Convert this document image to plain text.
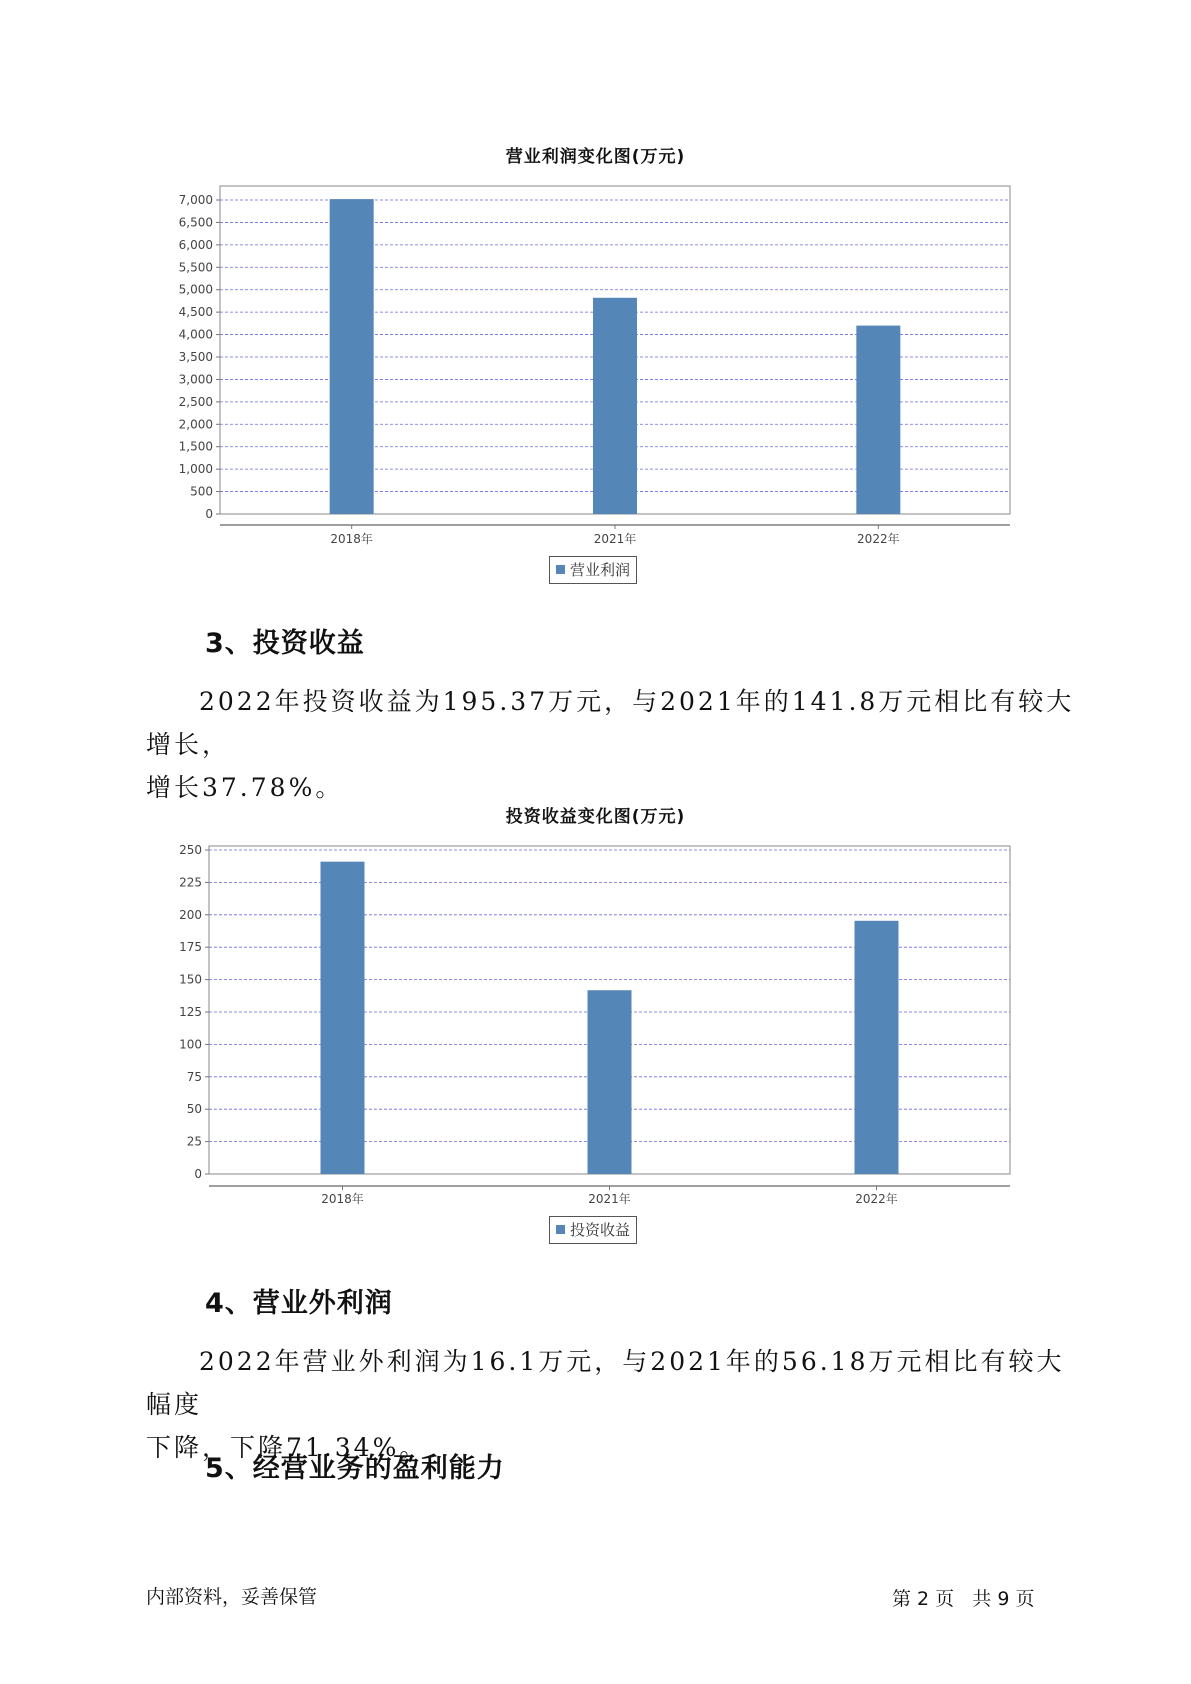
营业利润变化图(万元)
0
500
1,000
1,500
2,000
2,500
3,000
3,500
4,000
4,500
5,000
5,500
6,000
6,500
7,000
2018年	2021年	2022年
营业利润
3、投资收益

2022年投资收益为195.37万元，与2021年的141.8万元相比有较大增长，

增长37.78%。

投资收益变化图(万元)
0
25
50
75
100
125
150
175
200
225
250
2018年	2021年	2022年
投资收益
4、营业外利润

2022年营业外利润为16.1万元，与2021年的56.18万元相比有较大幅度

下降，下降71.34%。

5、经营业务的盈利能力
内部资料，妥善保管	第 2 页   共 9 页
